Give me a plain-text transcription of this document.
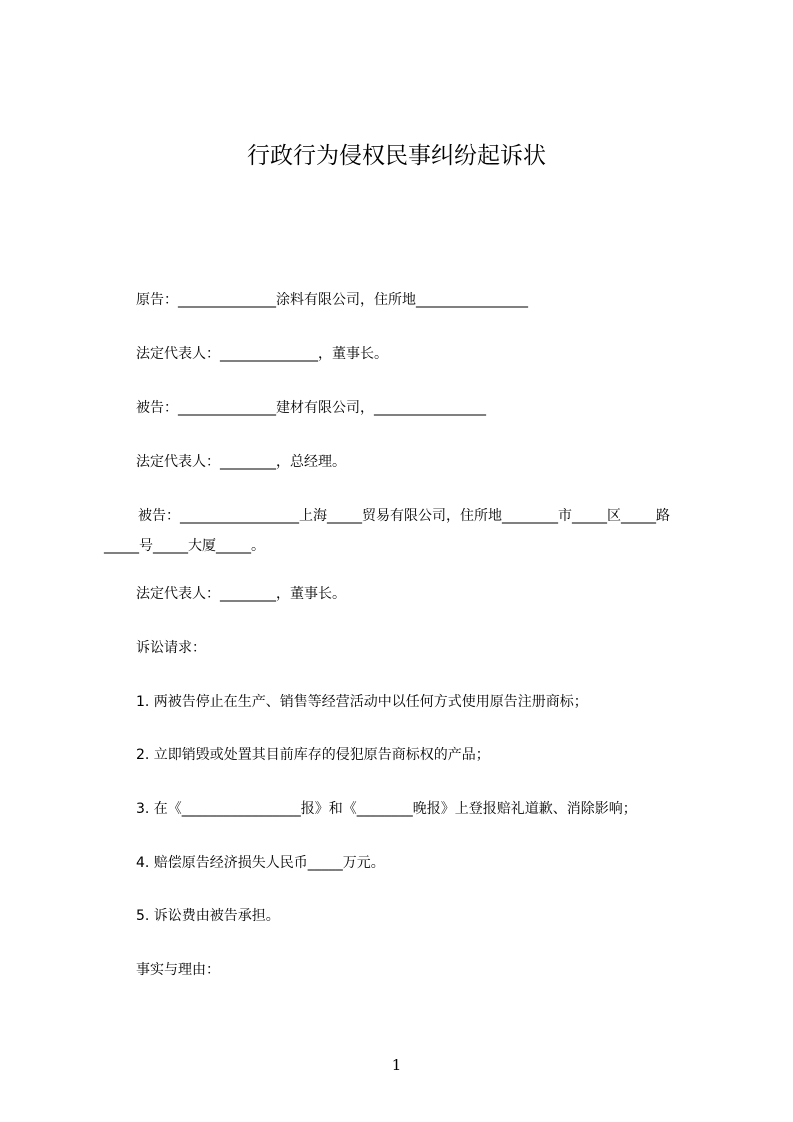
行政行为侵权民事纠纷起诉状
原告：______________涂料有限公司，住所地________________
法定代表人：______________，董事长。
被告：______________建材有限公司，________________
法定代表人：________，总经理。
被告：_________________上海_____贸易有限公司，住所地________市_____区_____路_____号_____大厦_____。
法定代表人：________，董事长。
诉讼请求：
1. 两被告停止在生产、销售等经营活动中以任何方式使用原告注册商标；
2. 立即销毁或处置其目前库存的侵犯原告商标权的产品；
3. 在《_________________报》和《________晚报》上登报赔礼道歉、消除影响；
4. 赔偿原告经济损失人民币_____万元。
5. 诉讼费由被告承担。
事实与理由：
1
